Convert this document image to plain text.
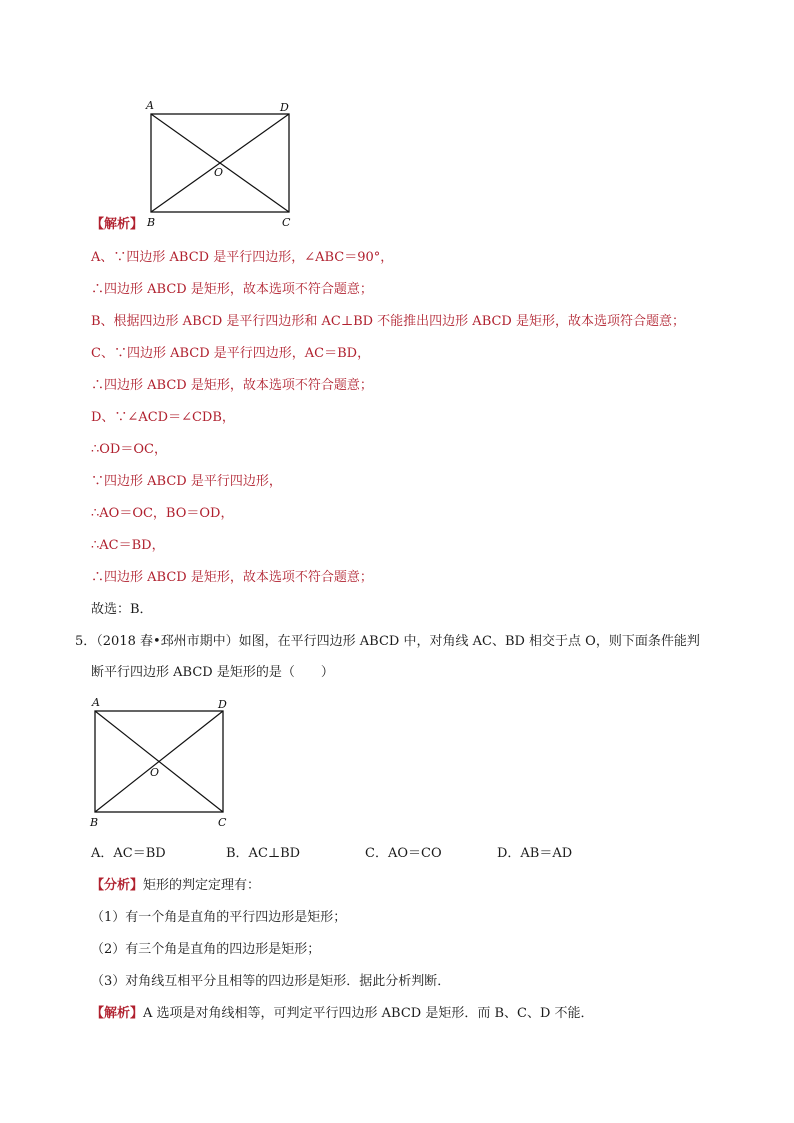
A	D
B	C
O
【解析】
A、∵四边形 ABCD 是平行四边形，∠ABC＝90°，
∴四边形 ABCD 是矩形，故本选项不符合题意；
B、根据四边形 ABCD 是平行四边形和 AC⊥BD 不能推出四边形 ABCD 是矩形，故本选项符合题意；
C、∵四边形 ABCD 是平行四边形，AC＝BD，
∴四边形 ABCD 是矩形，故本选项不符合题意；
D、∵∠ACD＝∠CDB，
∴OD＝OC，
∵四边形 ABCD 是平行四边形，
∴AO＝OC，BO＝OD，
∴AC＝BD，
∴四边形 ABCD 是矩形，故本选项不符合题意；
故选：B．
5．（2018 春•邳州市期中）如图，在平行四边形 ABCD 中，对角线 AC、BD 相交于点 O，则下面条件能判
断平行四边形 ABCD 是矩形的是（　　）
A	D
B	C
O
A．AC＝BD	B．AC⊥BD	C．AO＝CO	D．AB＝AD
【分析】矩形的判定定理有：
（1）有一个角是直角的平行四边形是矩形；
（2）有三个角是直角的四边形是矩形；
（3）对角线互相平分且相等的四边形是矩形．据此分析判断．
【解析】A 选项是对角线相等，可判定平行四边形 ABCD 是矩形．而 B、C、D 不能．
